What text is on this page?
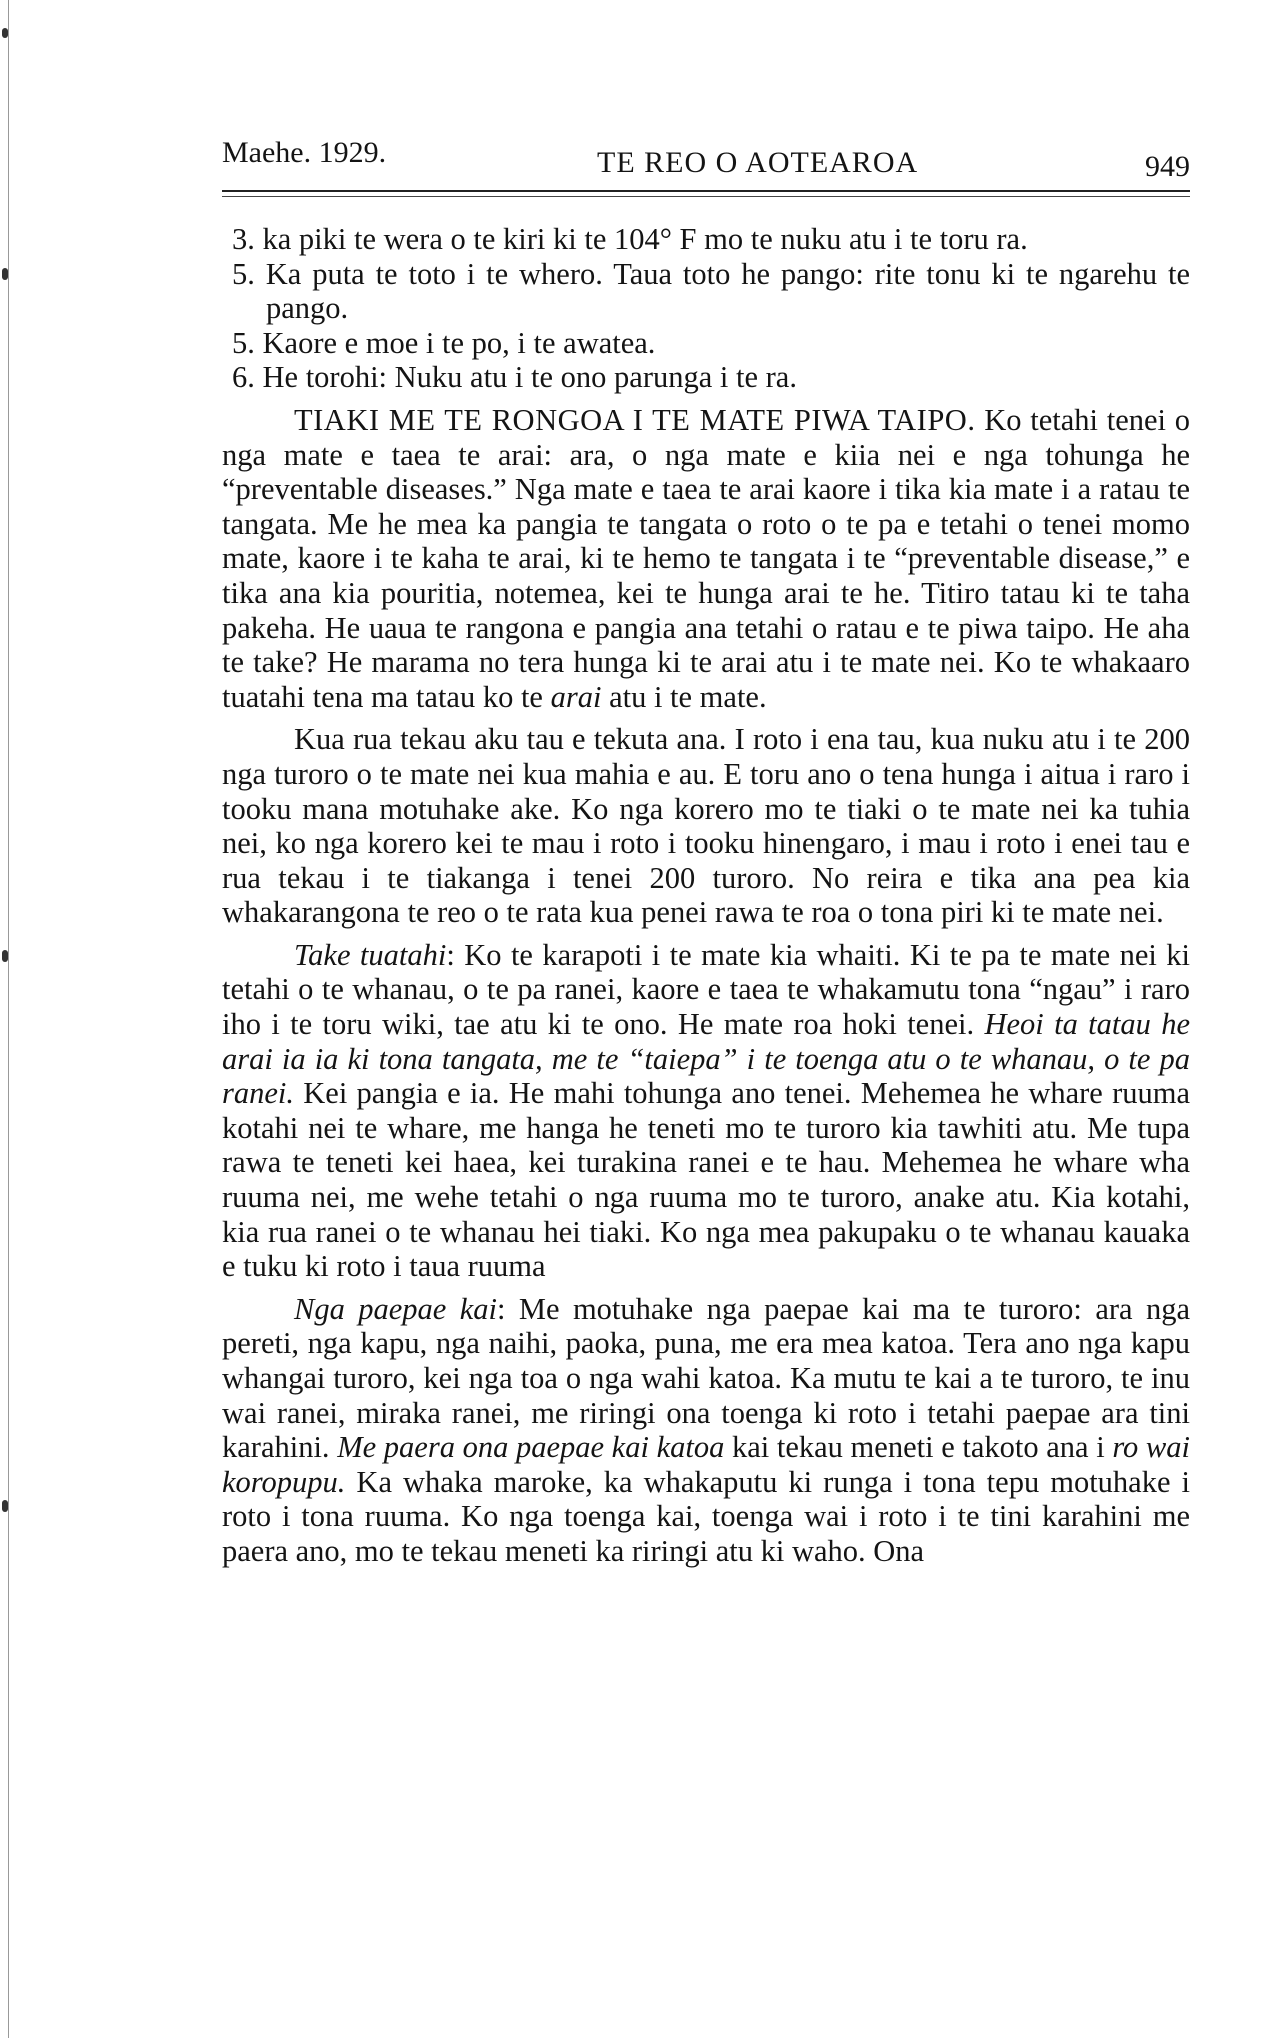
Maehe. 1929.	TE REO O AOTEAROA	949

3. ka piki te wera o te kiri ki te 104° F mo te nuku atu i te toru ra.

5. Ka puta te toto i te whero. Taua toto he pango: rite tonu ki te ngarehu te pango.

5. Kaore e moe i te po, i te awatea.

6. He torohi: Nuku atu i te ono parunga i te ra.

TIAKI ME TE RONGOA I TE MATE PIWA TAIPO. Ko tetahi tenei o nga mate e taea te arai: ara, o nga mate e kiia nei e nga tohunga he “preventable diseases.” Nga mate e taea te arai kaore i tika kia mate i a ratau te tangata. Me he mea ka pangia te tangata o roto o te pa e tetahi o tenei momo mate, kaore i te kaha te arai, ki te hemo te tangata i te “preventable disease,” e tika ana kia pouritia, notemea, kei te hunga arai te he. Titiro tatau ki te taha pakeha. He uaua te rangona e pangia ana tetahi o ratau e te piwa taipo. He aha te take? He marama no tera hunga ki te arai atu i te mate nei. Ko te whakaaro tuatahi tena ma tatau ko te arai atu i te mate.

Kua rua tekau aku tau e tekuta ana. I roto i ena tau, kua nuku atu i te 200 nga turoro o te mate nei kua mahia e au. E toru ano o tena hunga i aitua i raro i tooku mana motuhake ake. Ko nga korero mo te tiaki o te mate nei ka tuhia nei, ko nga korero kei te mau i roto i tooku hinengaro, i mau i roto i enei tau e rua tekau i te tiakanga i tenei 200 turoro. No reira e tika ana pea kia whakarangona te reo o te rata kua penei rawa te roa o tona piri ki te mate nei.

Take tuatahi: Ko te karapoti i te mate kia whaiti. Ki te pa te mate nei ki tetahi o te whanau, o te pa ranei, kaore e taea te whakamutu tona “ngau” i raro iho i te toru wiki, tae atu ki te ono. He mate roa hoki tenei. Heoi ta tatau he arai ia ia ki tona tangata, me te “taiepa” i te toenga atu o te whanau, o te pa ranei. Kei pangia e ia. He mahi tohunga ano tenei. Mehemea he whare ruuma kotahi nei te whare, me hanga he teneti mo te turoro kia tawhiti atu. Me tupa rawa te teneti kei haea, kei turakina ranei e te hau. Mehemea he whare wha ruuma nei, me wehe tetahi o nga ruuma mo te turoro, anake atu. Kia kotahi, kia rua ranei o te whanau hei tiaki. Ko nga mea pakupaku o te whanau kauaka e tuku ki roto i taua ruuma

Nga paepae kai: Me motuhake nga paepae kai ma te turoro: ara nga pereti, nga kapu, nga naihi, paoka, puna, me era mea katoa. Tera ano nga kapu whangai turoro, kei nga toa o nga wahi katoa. Ka mutu te kai a te turoro, te inu wai ranei, miraka ranei, me riringi ona toenga ki roto i tetahi paepae ara tini karahini. Me paera ona paepae kai katoa kai tekau meneti e takoto ana i ro wai koropupu. Ka whaka maroke, ka whakaputu ki runga i tona tepu motuhake i roto i tona ruuma. Ko nga toenga kai, toenga wai i roto i te tini karahini me paera ano, mo te tekau meneti ka riringi atu ki waho. Ona
